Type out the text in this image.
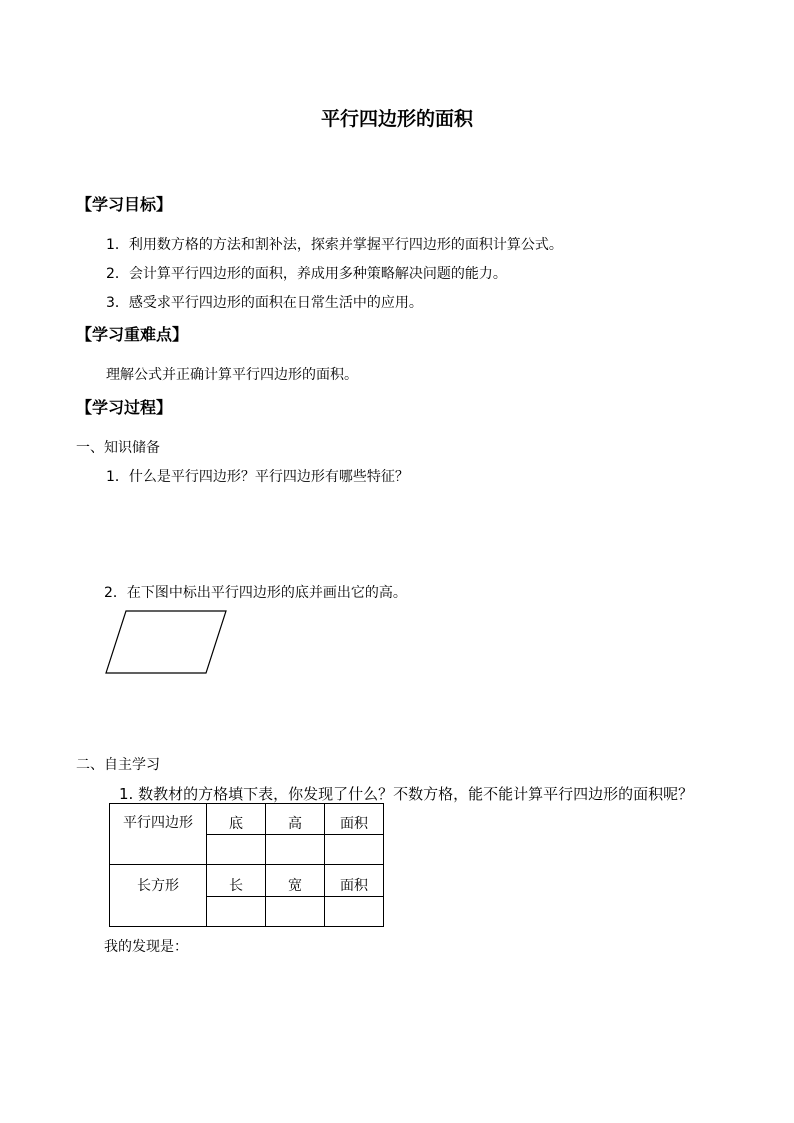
平行四边形的面积
【学习目标】
1．利用数方格的方法和割补法，探索并掌握平行四边形的面积计算公式。
2．会计算平行四边形的面积，养成用多种策略解决问题的能力。
3．感受求平行四边形的面积在日常生活中的应用。
【学习重难点】
理解公式并正确计算平行四边形的面积。
【学习过程】
一、知识储备
1．什么是平行四边形？平行四边形有哪些特征？
2．在下图中标出平行四边形的底并画出它的高。
二、自主学习
1. 数教材的方格填下表，你发现了什么？不数方格，能不能计算平行四边形的面积呢？
平行四边形	底	高	面积

长方形	长	宽	面积

我的发现是：
